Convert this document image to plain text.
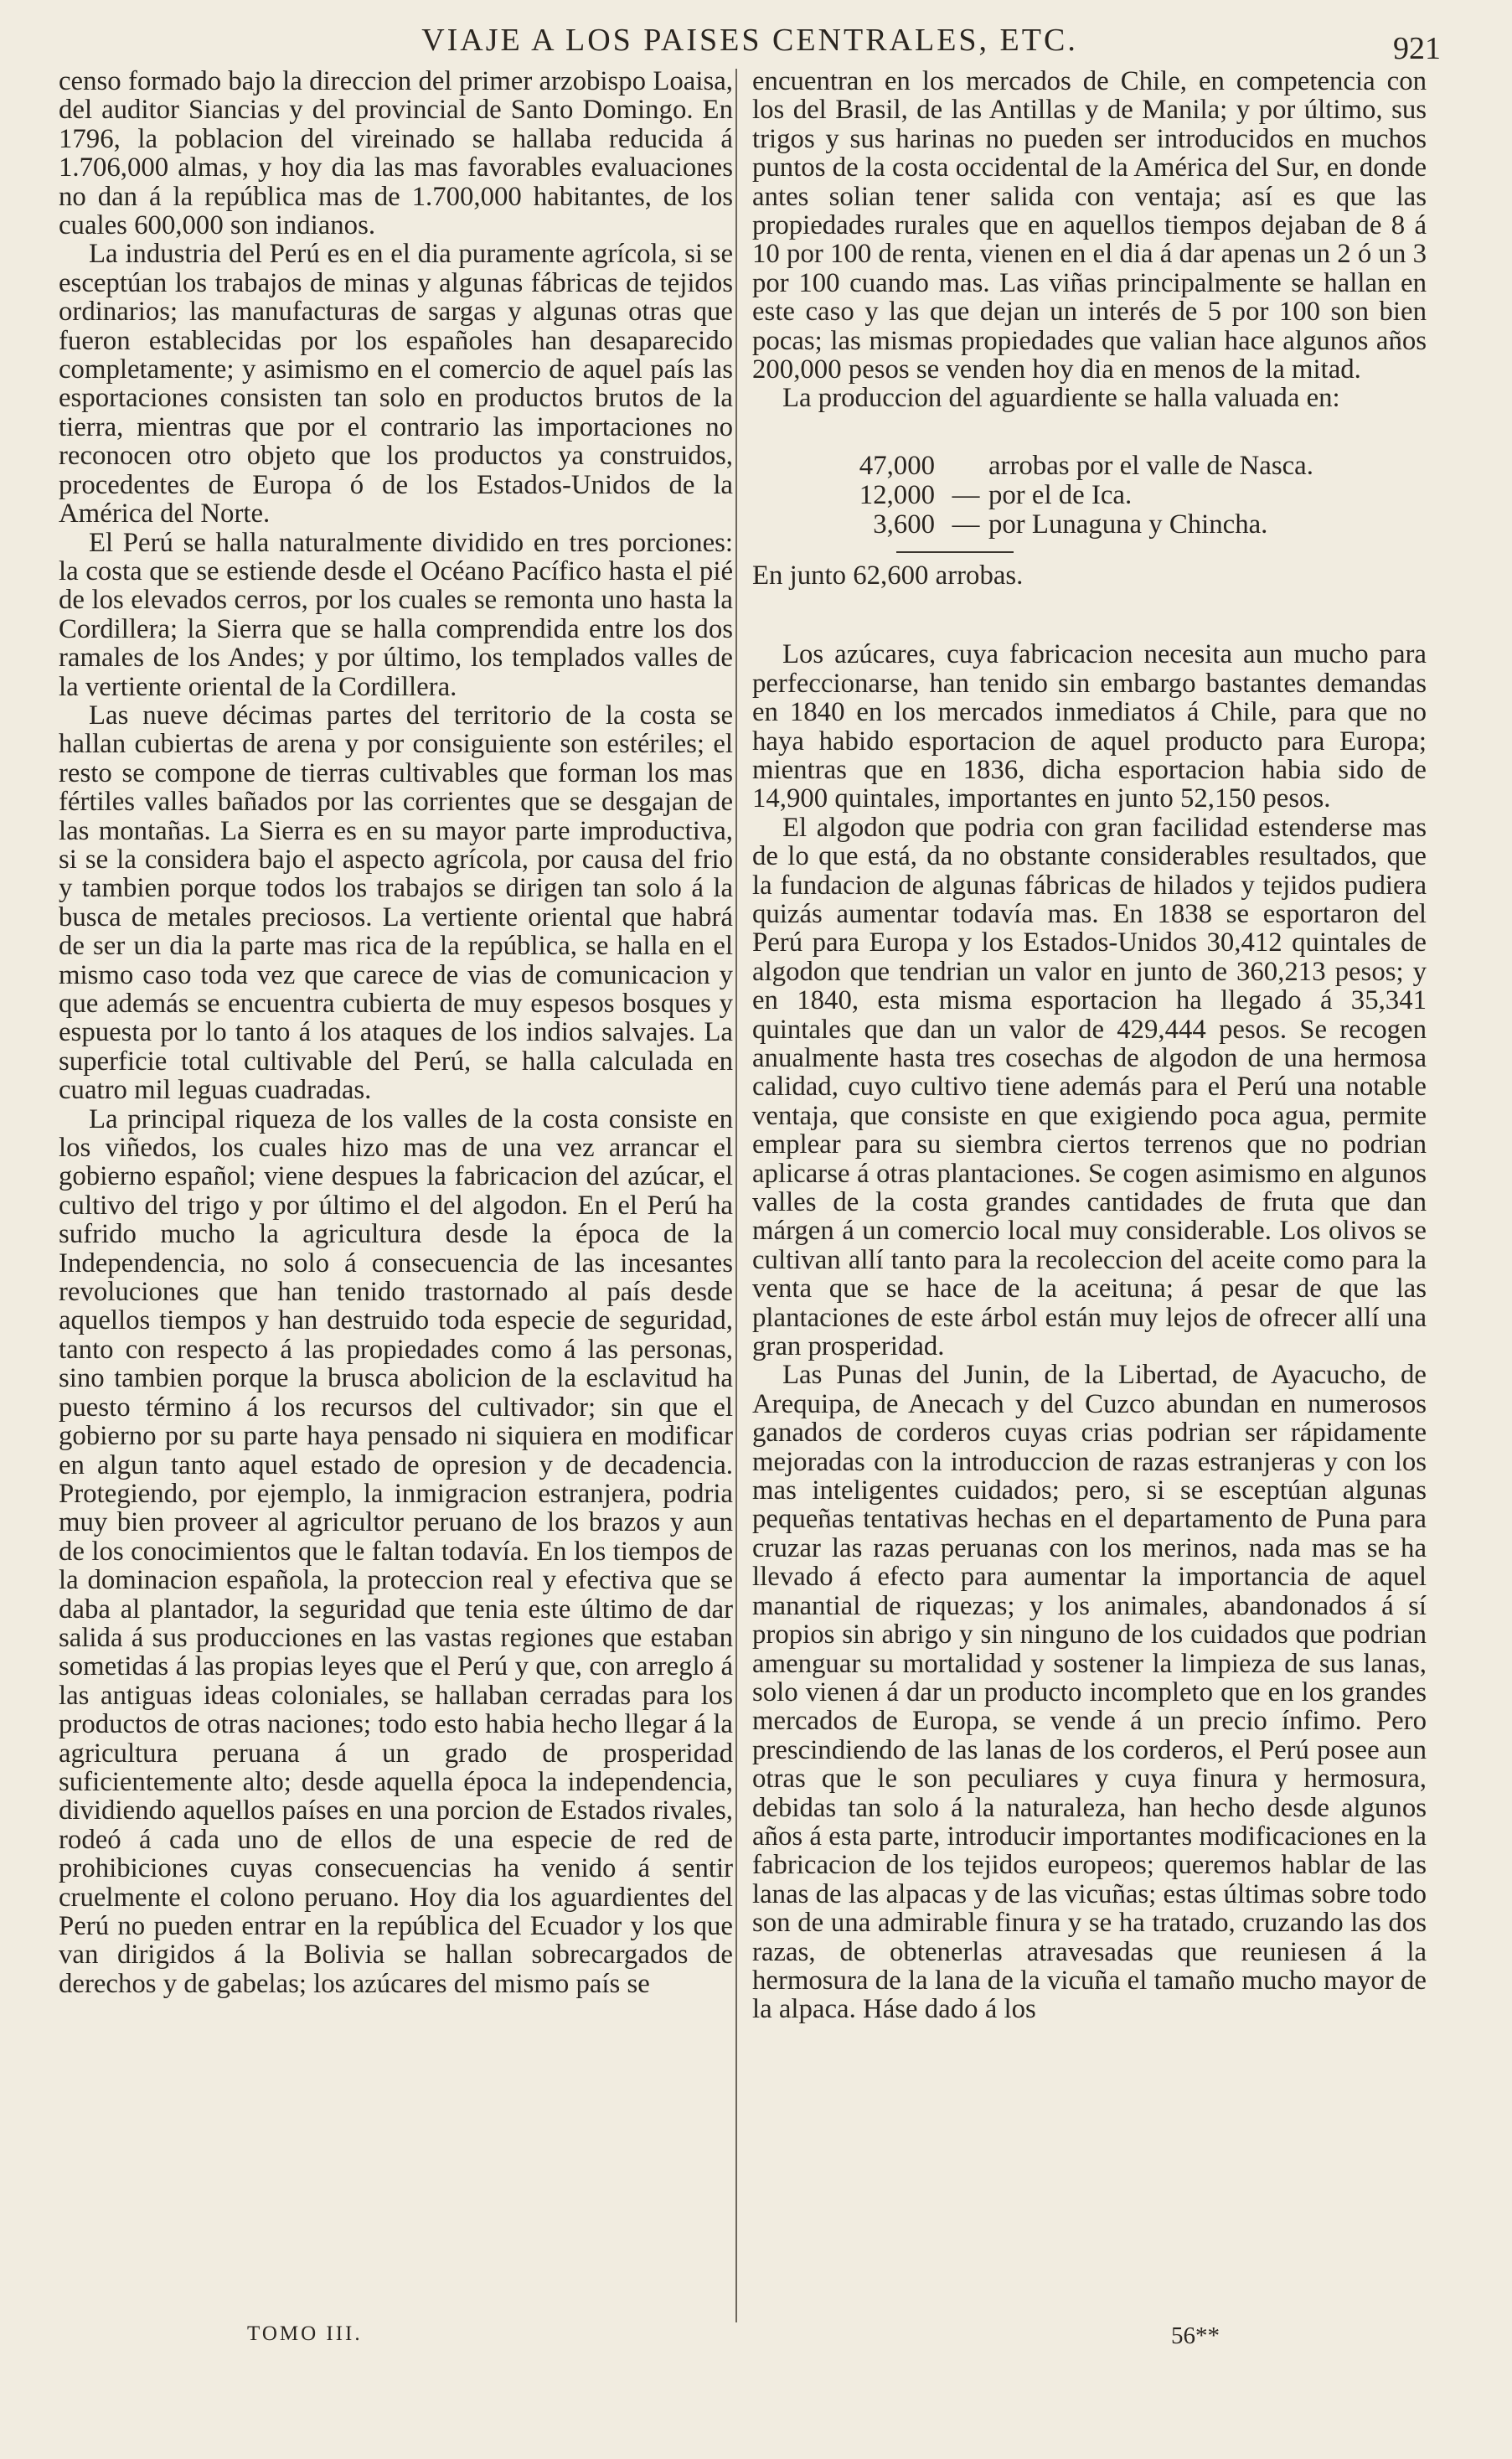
VIAJE A LOS PAISES CENTRALES, ETC.	921

censo formado bajo la direccion del primer arzobispo Loaisa, del auditor Siancias y del provincial de Santo Domingo. En 1796, la poblacion del vireinado se hallaba reducida á 1.706,000 almas, y hoy dia las mas favorables evaluaciones no dan á la república mas de 1.700,000 habitantes, de los cuales 600,000 son indianos.

La industria del Perú es en el dia puramente agrícola, si se esceptúan los trabajos de minas y algunas fábricas de tejidos ordinarios; las manufacturas de sargas y algunas otras que fueron establecidas por los españoles han desaparecido completamente; y asimismo en el comercio de aquel país las esportaciones consisten tan solo en productos brutos de la tierra, mientras que por el contrario las importaciones no reconocen otro objeto que los productos ya construidos, procedentes de Europa ó de los Estados-Unidos de la América del Norte.

El Perú se halla naturalmente dividido en tres porciones: la costa que se estiende desde el Océano Pacífico hasta el pié de los elevados cerros, por los cuales se remonta uno hasta la Cordillera; la Sierra que se halla comprendida entre los dos ramales de los Andes; y por último, los templados valles de la vertiente oriental de la Cordillera.

Las nueve décimas partes del territorio de la costa se hallan cubiertas de arena y por consiguiente son estériles; el resto se compone de tierras cultivables que forman los mas fértiles valles bañados por las corrientes que se desgajan de las montañas. La Sierra es en su mayor parte improductiva, si se la considera bajo el aspecto agrícola, por causa del frio y tambien porque todos los trabajos se dirigen tan solo á la busca de metales preciosos. La vertiente oriental que habrá de ser un dia la parte mas rica de la república, se halla en el mismo caso toda vez que carece de vias de comunicacion y que además se encuentra cubierta de muy espesos bosques y espuesta por lo tanto á los ataques de los indios salvajes. La superficie total cultivable del Perú, se halla calculada en cuatro mil leguas cuadradas.

La principal riqueza de los valles de la costa consiste en los viñedos, los cuales hizo mas de una vez arrancar el gobierno español; viene despues la fabricacion del azúcar, el cultivo del trigo y por último el del algodon. En el Perú ha sufrido mucho la agricultura desde la época de la Independencia, no solo á consecuencia de las incesantes revoluciones que han tenido trastornado al país desde aquellos tiempos y han destruido toda especie de seguridad, tanto con respecto á las propiedades como á las personas, sino tambien porque la brusca abolicion de la esclavitud ha puesto término á los recursos del cultivador; sin que el gobierno por su parte haya pensado ni siquiera en modificar en algun tanto aquel estado de opresion y de decadencia. Protegiendo, por ejemplo, la inmigracion estranjera, podria muy bien proveer al agricultor peruano de los brazos y aun de los conocimientos que le faltan todavía. En los tiempos de la dominacion española, la proteccion real y efectiva que se daba al plantador, la seguridad que tenia este último de dar salida á sus producciones en las vastas regiones que estaban sometidas á las propias leyes que el Perú y que, con arreglo á las antiguas ideas coloniales, se hallaban cerradas para los productos de otras naciones; todo esto habia hecho llegar á la agricultura peruana á un grado de prosperidad suficientemente alto; desde aquella época la independencia, dividiendo aquellos países en una porcion de Estados rivales, rodeó á cada uno de ellos de una especie de red de prohibiciones cuyas consecuencias ha venido á sentir cruelmente el colono peruano. Hoy dia los aguardientes del Perú no pueden entrar en la república del Ecuador y los que van dirigidos á la Bolivia se hallan sobrecargados de derechos y de gabelas; los azúcares del mismo país se

encuentran en los mercados de Chile, en competencia con los del Brasil, de las Antillas y de Manila; y por último, sus trigos y sus harinas no pueden ser introducidos en muchos puntos de la costa occidental de la América del Sur, en donde antes solian tener salida con ventaja; así es que las propiedades rurales que en aquellos tiempos dejaban de 8 á 10 por 100 de renta, vienen en el dia á dar apenas un 2 ó un 3 por 100 cuando mas. Las viñas principalmente se hallan en este caso y las que dejan un interés de 5 por 100 son bien pocas; las mismas propiedades que valian hace algunos años 200,000 pesos se venden hoy dia en menos de la mitad.

La produccion del aguardiente se halla valuada en:

47,000	arrobas por el valle de Nasca.
12,000 — por el de Ica.
3,600 — por Lunaguna y Chincha.
En junto 62,600 arrobas.

Los azúcares, cuya fabricacion necesita aun mucho para perfeccionarse, han tenido sin embargo bastantes demandas en 1840 en los mercados inmediatos á Chile, para que no haya habido esportacion de aquel producto para Europa; mientras que en 1836, dicha esportacion habia sido de 14,900 quintales, importantes en junto 52,150 pesos.

El algodon que podria con gran facilidad estenderse mas de lo que está, da no obstante considerables resultados, que la fundacion de algunas fábricas de hilados y tejidos pudiera quizás aumentar todavía mas. En 1838 se esportaron del Perú para Europa y los Estados-Unidos 30,412 quintales de algodon que tendrian un valor en junto de 360,213 pesos; y en 1840, esta misma esportacion ha llegado á 35,341 quintales que dan un valor de 429,444 pesos. Se recogen anualmente hasta tres cosechas de algodon de una hermosa calidad, cuyo cultivo tiene además para el Perú una notable ventaja, que consiste en que exigiendo poca agua, permite emplear para su siembra ciertos terrenos que no podrian aplicarse á otras plantaciones. Se cogen asimismo en algunos valles de la costa grandes cantidades de fruta que dan márgen á un comercio local muy considerable. Los olivos se cultivan allí tanto para la recoleccion del aceite como para la venta que se hace de la aceituna; á pesar de que las plantaciones de este árbol están muy lejos de ofrecer allí una gran prosperidad.

Las Punas del Junin, de la Libertad, de Ayacucho, de Arequipa, de Anecach y del Cuzco abundan en numerosos ganados de corderos cuyas crias podrian ser rápidamente mejoradas con la introduccion de razas estranjeras y con los mas inteligentes cuidados; pero, si se esceptúan algunas pequeñas tentativas hechas en el departamento de Puna para cruzar las razas peruanas con los merinos, nada mas se ha llevado á efecto para aumentar la importancia de aquel manantial de riquezas; y los animales, abandonados á sí propios sin abrigo y sin ninguno de los cuidados que podrian amenguar su mortalidad y sostener la limpieza de sus lanas, solo vienen á dar un producto incompleto que en los grandes mercados de Europa, se vende á un precio ínfimo. Pero prescindiendo de las lanas de los corderos, el Perú posee aun otras que le son peculiares y cuya finura y hermosura, debidas tan solo á la naturaleza, han hecho desde algunos años á esta parte, introducir importantes modificaciones en la fabricacion de los tejidos europeos; queremos hablar de las lanas de las alpacas y de las vicuñas; estas últimas sobre todo son de una admirable finura y se ha tratado, cruzando las dos razas, de obtenerlas atravesadas que reuniesen á la hermosura de la lana de la vicuña el tamaño mucho mayor de la alpaca. Háse dado á los

TOMO III.	56**
